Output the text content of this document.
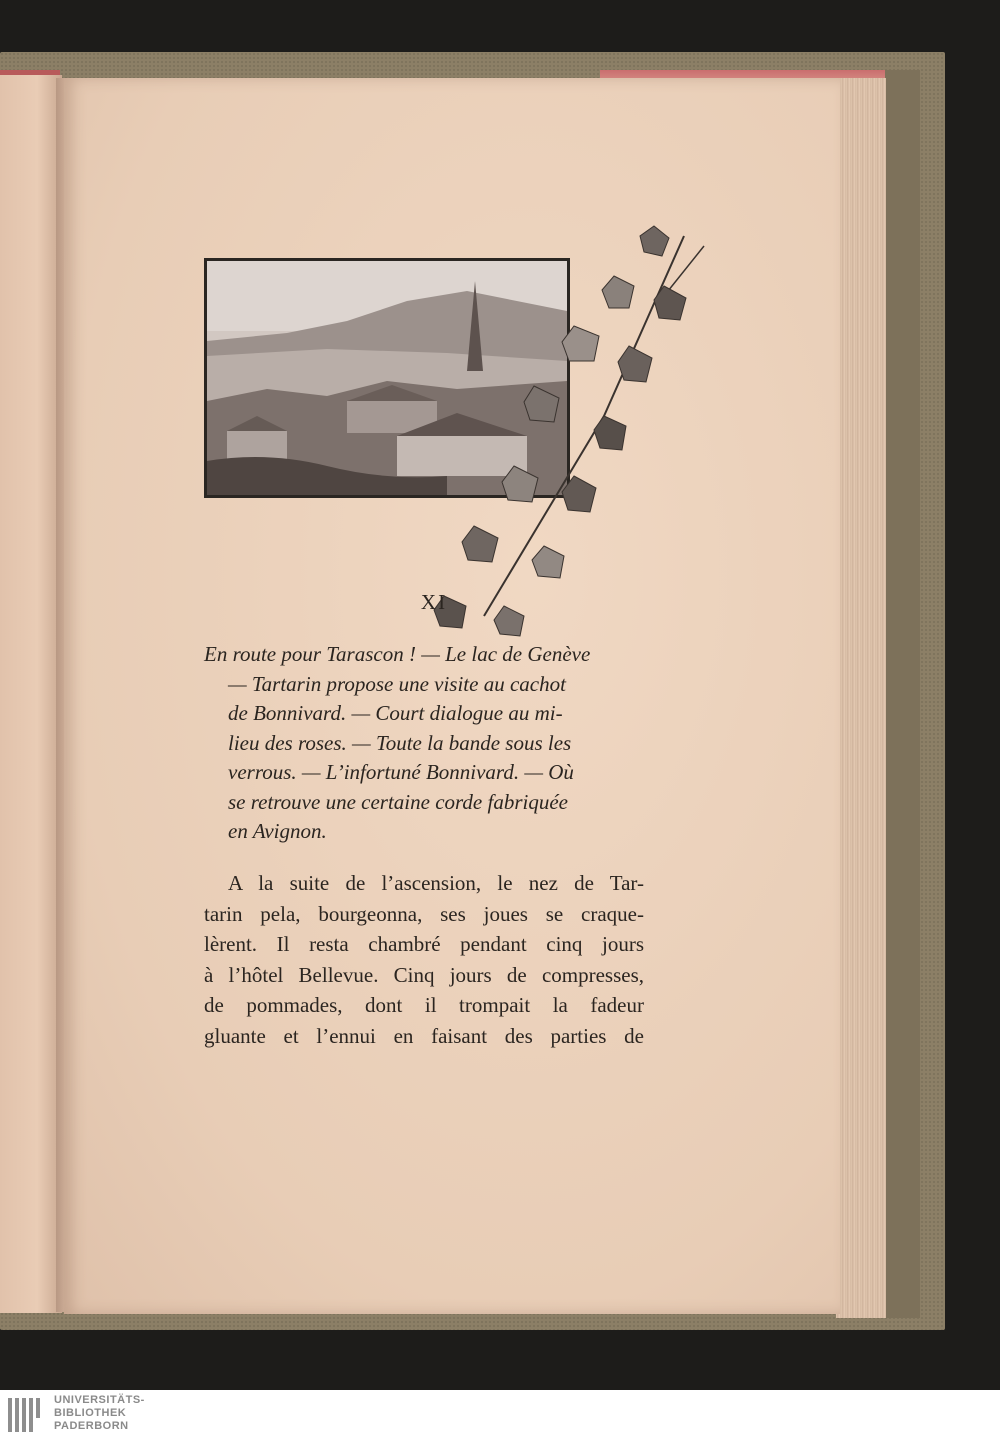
XI
En route pour Tarascon ! — Le lac de Genève
— Tartarin propose une visite au cachot
de Bonnivard. — Court dialogue au mi-
lieu des roses. — Toute la bande sous les
verrous. — L’infortuné Bonnivard. — Où
se retrouve une certaine corde fabriquée
en Avignon.
A la suite de l’ascension, le nez de Tar-
tarin pela, bourgeonna, ses joues se craque-
lèrent. Il resta chambré pendant cinq jours
à l’hôtel Bellevue. Cinq jours de compresses,
de pommades, dont il trompait la fadeur
gluante et l’ennui en faisant des parties de
UNIVERSITÄTS-
BIBLIOTHEK
PADERBORN
